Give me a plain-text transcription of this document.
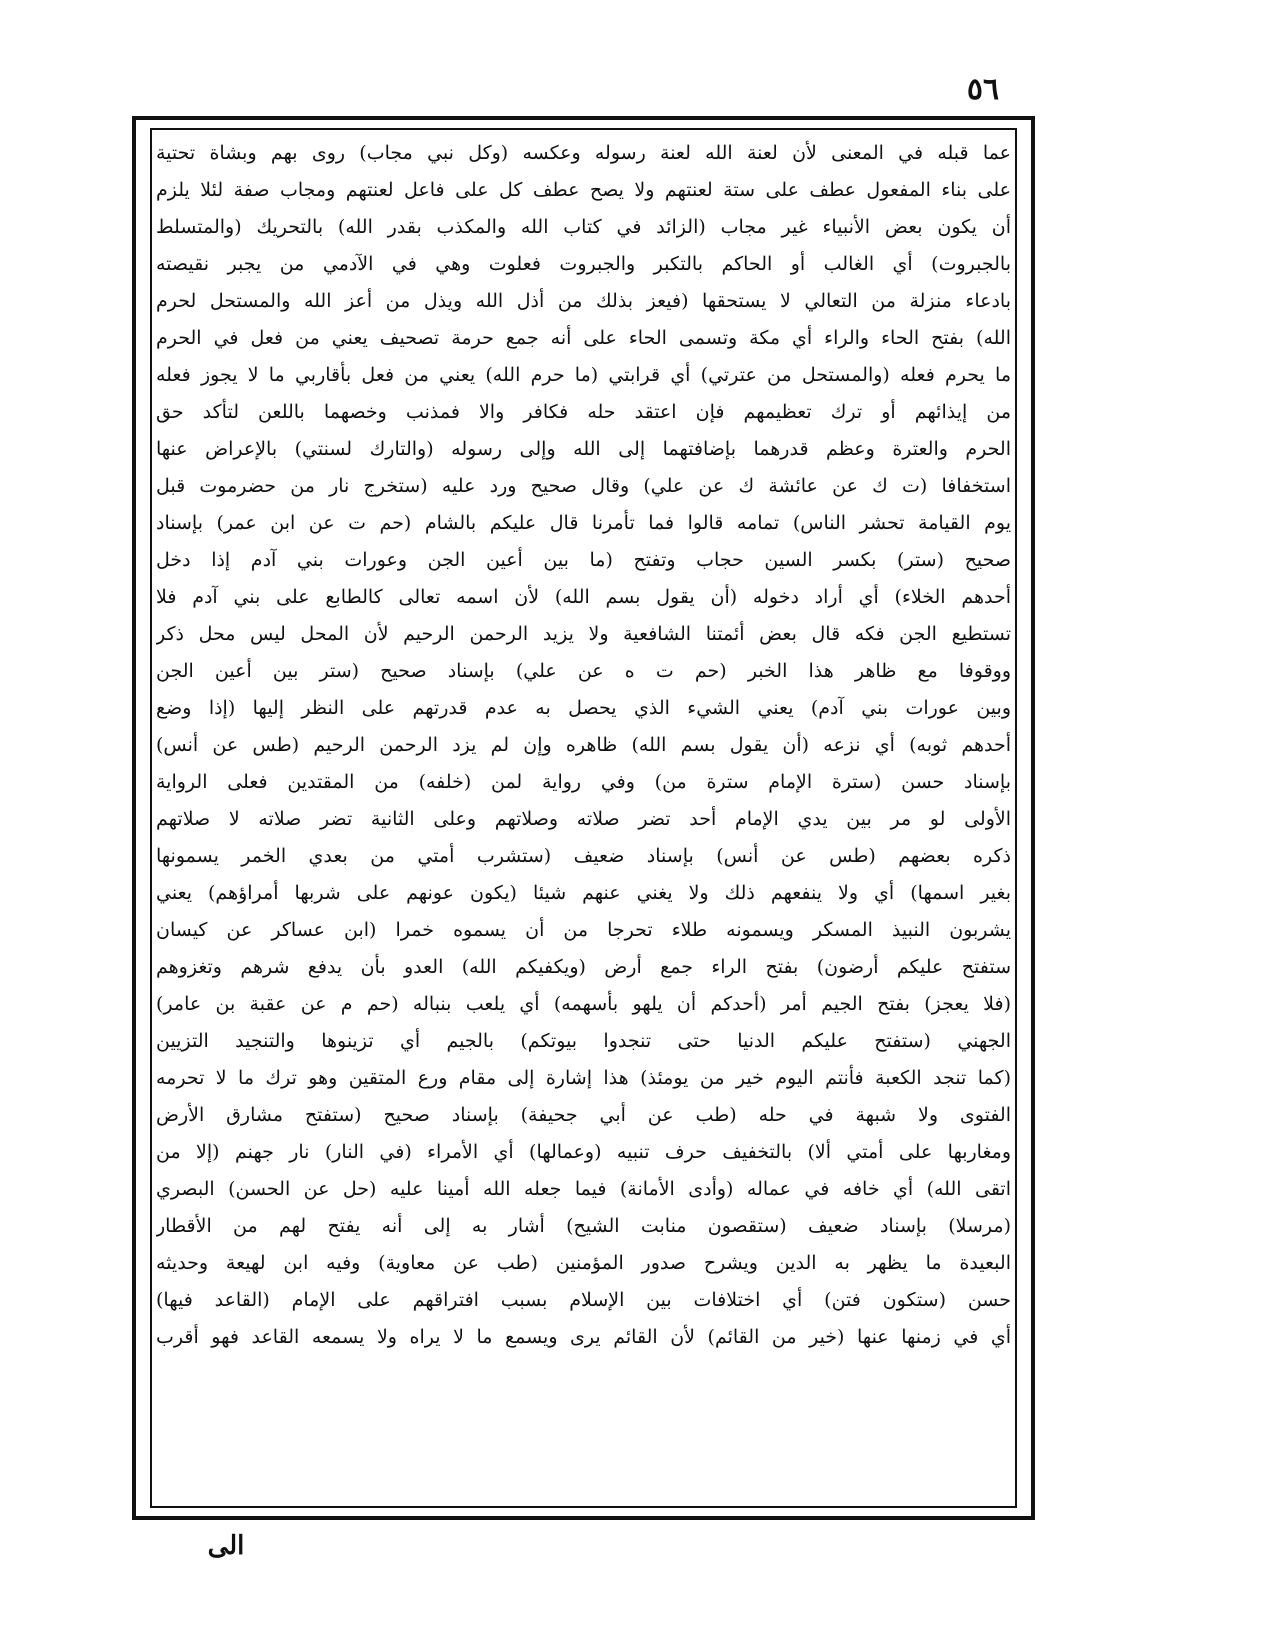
٥٦
عما قبله في المعنى لأن لعنة الله لعنة رسوله وعكسه (وكل نبي مجاب) روى بهم وبشاة تحتية
على بناء المفعول عطف على ستة لعنتهم ولا يصح عطف كل على فاعل لعنتهم ومجاب صفة لئلا يلزم
أن يكون بعض الأنبياء غير مجاب (الزائد في كتاب الله والمكذب بقدر الله) بالتحريك (والمتسلط
بالجبروت) أي الغالب أو الحاكم بالتكبر والجبروت فعلوت وهي في الآدمي من يجبر نقيصته
بادعاء منزلة من التعالي لا يستحقها (فيعز بذلك من أذل الله ويذل من أعز الله والمستحل لحرم
الله) بفتح الحاء والراء أي مكة وتسمى الحاء على أنه جمع حرمة تصحيف يعني من فعل في الحرم
ما يحرم فعله (والمستحل من عترتي) أي قرابتي (ما حرم الله) يعني من فعل بأقاربي ما لا يجوز فعله
من إيذائهم أو ترك تعظيمهم فإن اعتقد حله فكافر والا فمذنب وخصهما باللعن لتأكد حق
الحرم والعترة وعظم قدرهما بإضافتهما إلى الله وإلى رسوله (والتارك لسنتي) بالإعراض عنها
استخفافا (ت ك عن عائشة ك عن علي) وقال صحيح ورد عليه (ستخرج نار من حضرموت قبل
يوم القيامة تحشر الناس) تمامه قالوا فما تأمرنا قال عليكم بالشام (حم ت عن ابن عمر) بإسناد
صحيح (ستر) بكسر السين حجاب وتفتح (ما بين أعين الجن وعورات بني آدم إذا دخل
أحدهم الخلاء) أي أراد دخوله (أن يقول بسم الله) لأن اسمه تعالى كالطابع على بني آدم فلا
تستطيع الجن فكه قال بعض أئمتنا الشافعية ولا يزيد الرحمن الرحيم لأن المحل ليس محل ذكر
ووقوفا مع ظاهر هذا الخبر (حم ت ه عن علي) بإسناد صحيح (ستر بين أعين الجن
وبين عورات بني آدم) يعني الشيء الذي يحصل به عدم قدرتهم على النظر إليها (إذا وضع
أحدهم ثوبه) أي نزعه (أن يقول بسم الله) ظاهره وإن لم يزد الرحمن الرحيم (طس عن أنس)
بإسناد حسن (سترة الإمام سترة من) وفي رواية لمن (خلفه) من المقتدين فعلى الرواية
الأولى لو مر بين يدي الإمام أحد تضر صلاته وصلاتهم وعلى الثانية تضر صلاته لا صلاتهم
ذكره بعضهم (طس عن أنس) بإسناد ضعيف (ستشرب أمتي من بعدي الخمر يسمونها
بغير اسمها) أي ولا ينفعهم ذلك ولا يغني عنهم شيئا (يكون عونهم على شربها أمراؤهم) يعني
يشربون النبيذ المسكر ويسمونه طلاء تحرجا من أن يسموه خمرا (ابن عساكر عن كيسان
ستفتح عليكم أرضون) بفتح الراء جمع أرض (ويكفيكم الله) العدو بأن يدفع شرهم وتغزوهم
(فلا يعجز) بفتح الجيم أمر (أحدكم أن يلهو بأسهمه) أي يلعب بنباله (حم م عن عقبة بن عامر)
الجهني (ستفتح عليكم الدنيا حتى تنجدوا بيوتكم) بالجيم أي تزينوها والتنجيد التزيين
(كما تنجد الكعبة فأنتم اليوم خير من يومئذ) هذا إشارة إلى مقام ورع المتقين وهو ترك ما لا تحرمه
الفتوى ولا شبهة في حله (طب عن أبي جحيفة) بإسناد صحيح (ستفتح مشارق الأرض
ومغاربها على أمتي ألا) بالتخفيف حرف تنبيه (وعمالها) أي الأمراء (في النار) نار جهنم (إلا من
اتقى الله) أي خافه في عماله (وأدى الأمانة) فيما جعله الله أمينا عليه (حل عن الحسن) البصري
(مرسلا) بإسناد ضعيف (ستقصون منابت الشيح) أشار به إلى أنه يفتح لهم من الأقطار
البعيدة ما يظهر به الدين ويشرح صدور المؤمنين (طب عن معاوية) وفيه ابن لهيعة وحديثه
حسن (ستكون فتن) أي اختلافات بين الإسلام بسبب افتراقهم على الإمام (القاعد فيها)
أي في زمنها عنها (خير من القائم) لأن القائم يرى ويسمع ما لا يراه ولا يسمعه القاعد فهو أقرب
الى
